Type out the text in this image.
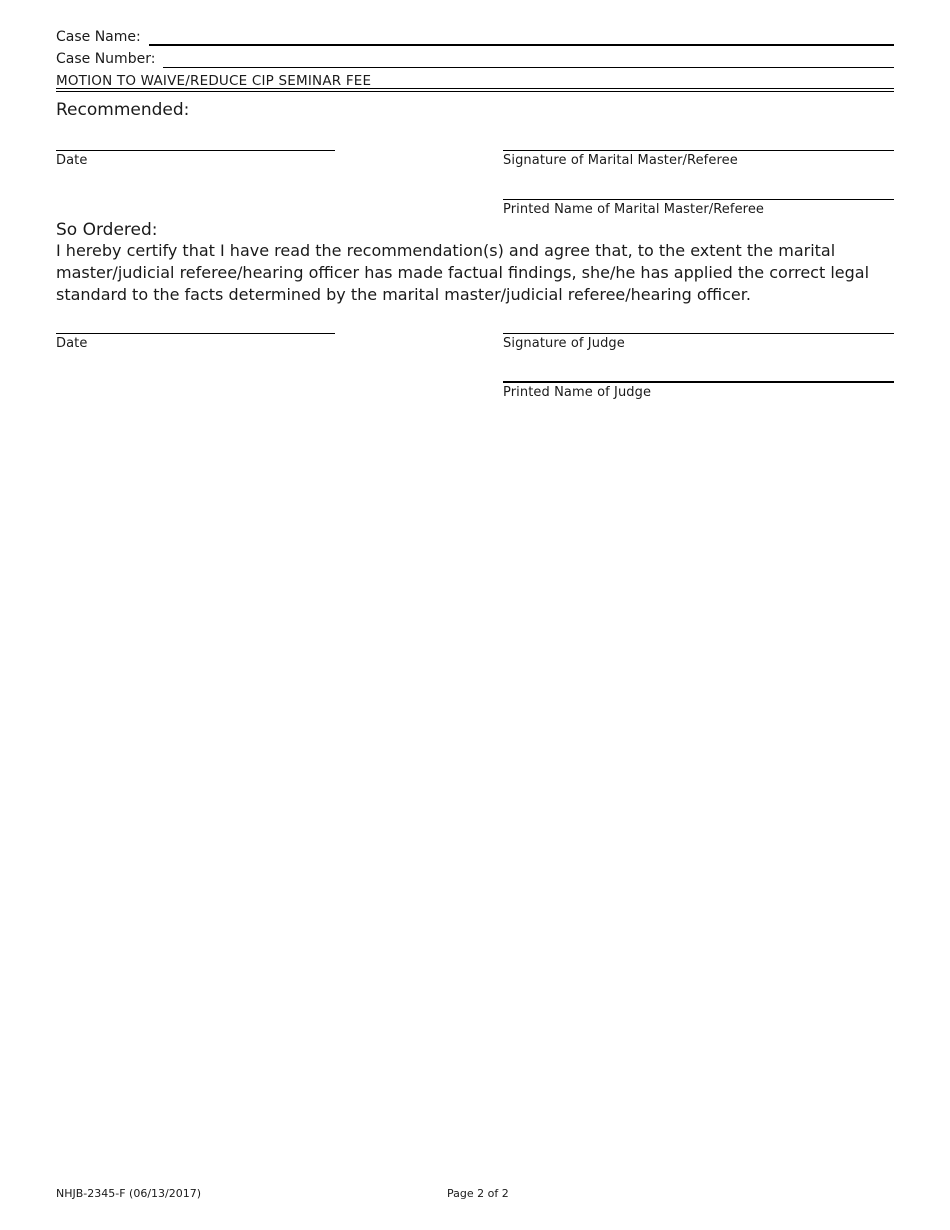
Case Name:
Case Number:
MOTION TO WAIVE/REDUCE CIP SEMINAR FEE
Recommended:
Date	Signature of Marital Master/Referee
Printed Name of Marital Master/Referee
So Ordered:
I hereby certify that I have read the recommendation(s) and agree that, to the extent the marital master/judicial referee/hearing officer has made factual findings, she/he has applied the correct legal standard to the facts determined by the marital master/judicial referee/hearing officer.
Date	Signature of Judge
Printed Name of Judge
NHJB-2345-F (06/13/2017)	Page 2 of 2
